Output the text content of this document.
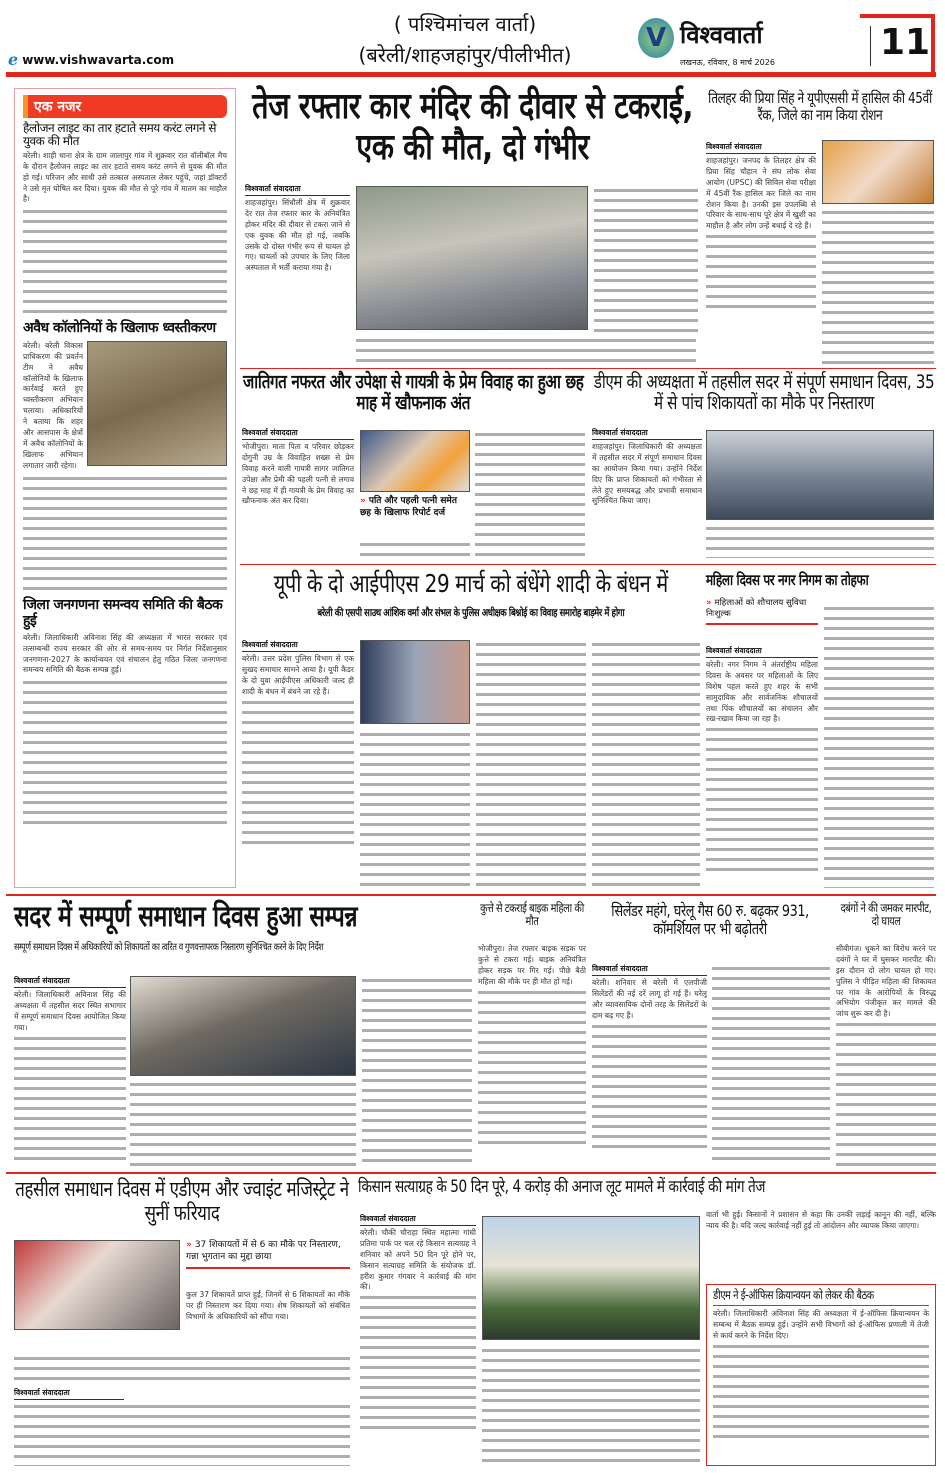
e www.vishwavarta.com
( पश्चिमांचल वार्ता)
(बरेली/शाहजहांपुर/पीलीभीत)
V विश्ववार्ता
लखनऊ, रविवार, 8 मार्च 2026	11
एक नजर
हैलोजन लाइट का तार हटाते समय करंट लगने से युवक की मौत
बरेली। शाही थाना क्षेत्र के ग्राम जालापुर गांव में शुक्रवार रात वॉलीबॉल मैच के दौरान हैलोजन लाइट का तार हटाते समय करंट लगने से युवक की मौत हो गई। परिजन और साथी उसे तत्काल अस्पताल लेकर पहुंचे, जहां डॉक्टरों ने उसे मृत घोषित कर दिया। युवक की मौत से पूरे गांव में मातम का माहौल है।
अवैध कॉलोनियों के खिलाफ ध्वस्तीकरण
बरेली। बरेली विकास प्राधिकरण की प्रवर्तन टीम ने अवैध कॉलोनियों के खिलाफ कार्रवाई करते हुए ध्वस्तीकरण अभियान चलाया। अधिकारियों ने बताया कि शहर और आसपास के क्षेत्रों में अवैध कॉलोनियों के खिलाफ अभियान लगातार जारी रहेगा।
जिला जनगणना समन्वय समिति की बैठक हुई
बरेली। जिलाधिकारी अविनाश सिंह की अध्यक्षता में भारत सरकार एवं तत्सम्बन्धी राज्य सरकार की ओर से समय-समय पर निर्गत निर्देशानुसार जनगणना-2027 के कार्यान्वयन एवं संचालन हेतु गठित जिला जनगणना समन्वय समिति की बैठक सम्पन्न हुई।
तेज रफ्तार कार मंदिर की दीवार से टकराई, एक की मौत, दो गंभीर
विश्ववार्ता संवाददाता
शाहजहांपुर। सिंधौली क्षेत्र में शुक्रवार देर रात तेज रफ्तार कार के अनियंत्रित होकर मंदिर की दीवार से टकरा जाने से एक युवक की मौत हो गई, जबकि उसके दो दोस्त गंभीर रूप से घायल हो गए। घायलों को उपचार के लिए जिला अस्पताल में भर्ती कराया गया है।
तिलहर की प्रिया सिंह ने यूपीएससी में हासिल की 45वीं रैंक, जिले का नाम किया रोशन
विश्ववार्ता संवाददाता
शाहजहांपुर। जनपद के तिलहर क्षेत्र की प्रिया सिंह चौहान ने संघ लोक सेवा आयोग (UPSC) की सिविल सेवा परीक्षा में 45वीं रैंक हासिल कर जिले का नाम रोशन किया है। उनकी इस उपलब्धि से परिवार के साथ-साथ पूरे क्षेत्र में खुशी का माहौल है और लोग उन्हें बधाई दे रहे हैं।
जातिगत नफरत और उपेक्षा से गायत्री के प्रेम विवाह का हुआ छह माह में खौफनाक अंत
विश्ववार्ता संवाददाता
भोजीपुरा। माता पिता व परिवार छोड़कर दोगुनी उम्र के विवाहित शख्स से प्रेम विवाह करने वाली गायत्री सागर जातिगत उपेक्षा और प्रेमी की पहली पत्नी से लगाव ने छह माह में ही गायत्री के प्रेम विवाह का खौफनाक अंत कर दिया।	» पति और पहली पत्नी समेत छह के खिलाफ रिपोर्ट दर्ज
डीएम की अध्यक्षता में तहसील सदर में संपूर्ण समाधान दिवस, 35 में से पांच शिकायतों का मौके पर निस्तारण
विश्ववार्ता संवाददाता
शाहजहांपुर। जिलाधिकारी की अध्यक्षता में तहसील सदर में संपूर्ण समाधान दिवस का आयोजन किया गया। उन्होंने निर्देश दिए कि प्राप्त शिकायतों को गंभीरता से लेते हुए समयबद्ध और प्रभावी समाधान सुनिश्चित किया जाए।
यूपी के दो आईपीएस 29 मार्च को बंधेंगे शादी के बंधन में
बरेली की एसपी साउथ आंशिक वर्मा और संभल के पुलिस अधीक्षक बिश्नोई का विवाह समारोह बाड़मेर में होगा
विश्ववार्ता संवाददाता
बरेली। उत्तर प्रदेश पुलिस विभाग से एक सुखद समाचार सामने आया है। यूपी कैडर के दो युवा आईपीएस अधिकारी जल्द ही शादी के बंधन में बंधने जा रहे हैं।
महिला दिवस पर नगर निगम का तोहफा
» महिलाओं को शौचालय सुविधा निःशुल्क
विश्ववार्ता संवाददाता
बरेली। नगर निगम ने अंतर्राष्ट्रीय महिला दिवस के अवसर पर महिलाओं के लिए विशेष पहल करते हुए शहर के सभी सामुदायिक और सार्वजनिक शौचालयों तथा पिंक शौचालयों का संचालन और रख-रखाव किया जा रहा है।
सदर में सम्पूर्ण समाधान दिवस हुआ सम्पन्न
सम्पूर्ण समाधान दिवस में अधिकारियों को शिकायतों का त्वरित व गुणवत्तापरक निस्तारण सुनिश्चित करने के दिए निर्देश
विश्ववार्ता संवाददाता
बरेली। जिलाधिकारी अविनाश सिंह की अध्यक्षता में तहसील सदर स्थित सभागार में सम्पूर्ण समाधान दिवस आयोजित किया गया।
कुत्ते से टकराई बाइक महिला की मौत
भोजीपुरा। तेज रफ्तार बाइक सड़क पर कुत्ते से टकरा गई। बाइक अनियंत्रित होकर सड़क पर गिर गई। पीछे बैठी महिला की मौके पर ही मौत हो गई।
सिलेंडर महंगे, घरेलू गैस 60 रु. बढ़कर 931, कॉमर्शियल पर भी बढ़ोतरी
विश्ववार्ता संवाददाता
बरेली। शनिवार से बरेली में एलपीजी सिलेंडरों की नई दरें लागू हो गई हैं। घरेलू और व्यावसायिक दोनों तरह के सिलेंडरों के दाम बढ़ गए हैं।
दबंगों ने की जमकर मारपीट, दो घायल
सीबीगंज। धूकने का विरोध करने पर दबंगों ने घर में घुसकर मारपीट की। इस दौरान दो लोग घायल हो गए। पुलिस ने पीड़ित महिला की शिकायत पर गांव के आरोपियों के विरुद्ध अभियोग पंजीकृत कर मामले की जांच शुरू कर दी है।
तहसील समाधान दिवस में एडीएम और ज्वाइंट मजिस्ट्रेट ने सुनीं फरियाद
» 37 शिकायतों में से 6 का मौके पर निस्तारण, गन्ना भुगतान का मुद्दा छाया
कुल 37 शिकायतें प्राप्त हुईं, जिनमें से 6 शिकायतों का मौके पर ही निस्तारण कर दिया गया। शेष शिकायतों को संबंधित विभागों के अधिकारियों को सौंपा गया।
विश्ववार्ता संवाददाता
किसान सत्याग्रह के 50 दिन पूरे, 4 करोड़ की अनाज लूट मामले में कार्रवाई की मांग तेज
विश्ववार्ता संवाददाता
बरेली। चौकी चौराहा स्थित महात्मा गांधी प्रतिमा पार्क पर चल रहे किसान सत्याग्रह ने शनिवार को अपने 50 दिन पूरे होने पर, किसान सत्याग्रह समिति के संयोजक डॉ. हरीश कुमार गंगवार ने कार्रवाई की मांग की।
वार्ता भी हुई। किसानों ने प्रशासन से कहा कि उनकी लड़ाई कानून की नहीं, बल्कि न्याय की है। यदि जल्द कार्रवाई नहीं हुई तो आंदोलन और व्यापक किया जाएगा।
डीएम ने ई-ऑफिस क्रियान्वयन को लेकर की बैठक
बरेली। जिलाधिकारी अविनाश सिंह की अध्यक्षता में ई-ऑफिस क्रियान्वयन के सम्बन्ध में बैठक सम्पन्न हुई। उन्होंने सभी विभागों को ई-ऑफिस प्रणाली में तेजी से कार्य करने के निर्देश दिए।
